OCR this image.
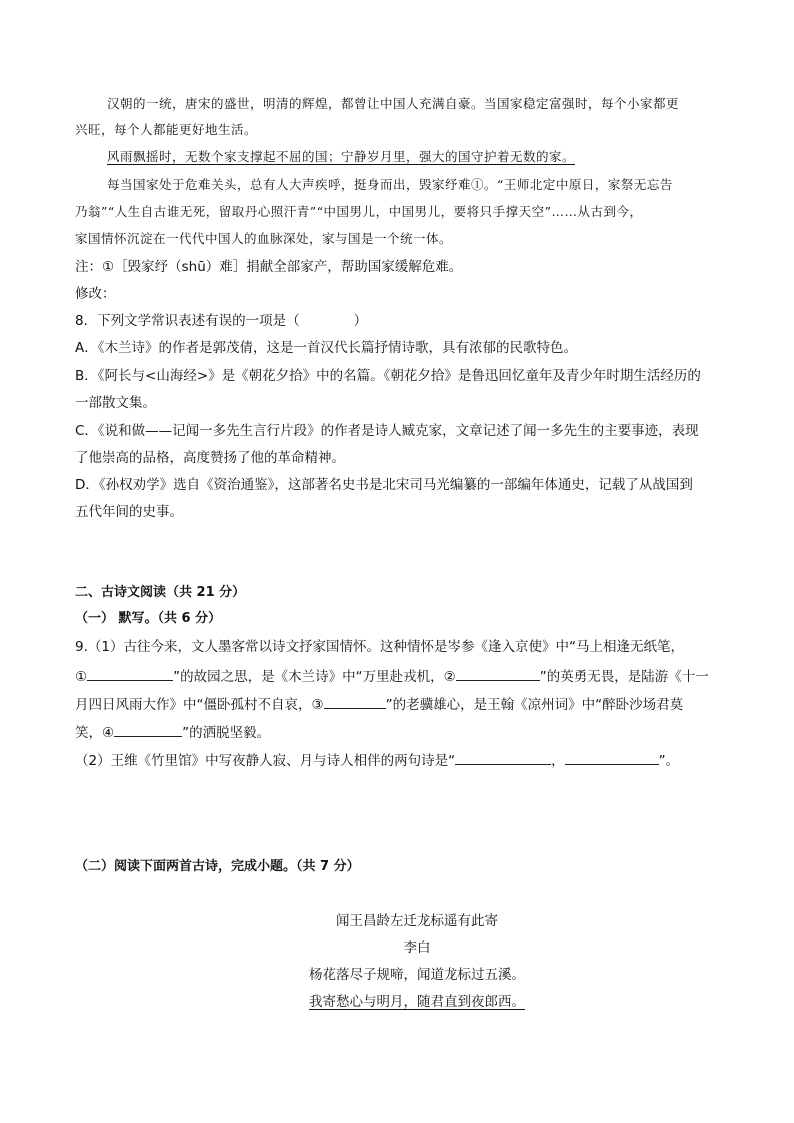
汉朝的一统，唐宋的盛世，明清的辉煌，都曾让中国人充满自豪。当国家稳定富强时，每个小家都更
兴旺，每个人都能更好地生活。
风雨飘摇时，无数个家支撑起不屈的国；宁静岁月里，强大的国守护着无数的家。
每当国家处于危难关头，总有人大声疾呼，挺身而出，毁家纾难①。“王师北定中原日，家祭无忘告
乃翁”“人生自古谁无死，留取丹心照汗青”“中国男儿，中国男儿，要将只手撑天空”……从古到今，
家国情怀沉淀在一代代中国人的血脉深处，家与国是一个统一体。
注：①［毁家纾（shū）难］捐献全部家产，帮助国家缓解危难。
修改：
8．下列文学常识表述有误的一项是（　　　　）
A．《木兰诗》的作者是郭茂倩，这是一首汉代长篇抒情诗歌，具有浓郁的民歌特色。
B．《阿长与<山海经>》是《朝花夕拾》中的名篇。《朝花夕拾》是鲁迅回忆童年及青少年时期生活经历的
一部散文集。
C．《说和做——记闻一多先生言行片段》的作者是诗人臧克家，文章记述了闻一多先生的主要事迹，表现
了他崇高的品格，高度赞扬了他的革命精神。
D．《孙权劝学》选自《资治通鉴》，这部著名史书是北宋司马光编纂的一部编年体通史，记载了从战国到
五代年间的史事。
二、古诗文阅读（共 21 分）
（一） 默写。（共 6 分）
9.（1）古往今来，文人墨客常以诗文抒家国情怀。这种情怀是岑参《逢入京使》中“马上相逢无纸笔，
①	”的故园之思，是《木兰诗》中“万里赴戎机，②	”的英勇无畏，是陆游《十一
月四日风雨大作》中“僵卧孤村不自哀，③	”的老骥雄心，是王翰《凉州词》中“醉卧沙场君莫
笑，④	”的洒脱坚毅。
（2）王维《竹里馆》中写夜静人寂、月与诗人相伴的两句诗是“	，	”。
（二）阅读下面两首古诗，完成小题。（共 7 分）
闻王昌龄左迁龙标遥有此寄
李白
杨花落尽子规啼，闻道龙标过五溪。
我寄愁心与明月，随君直到夜郎西。
